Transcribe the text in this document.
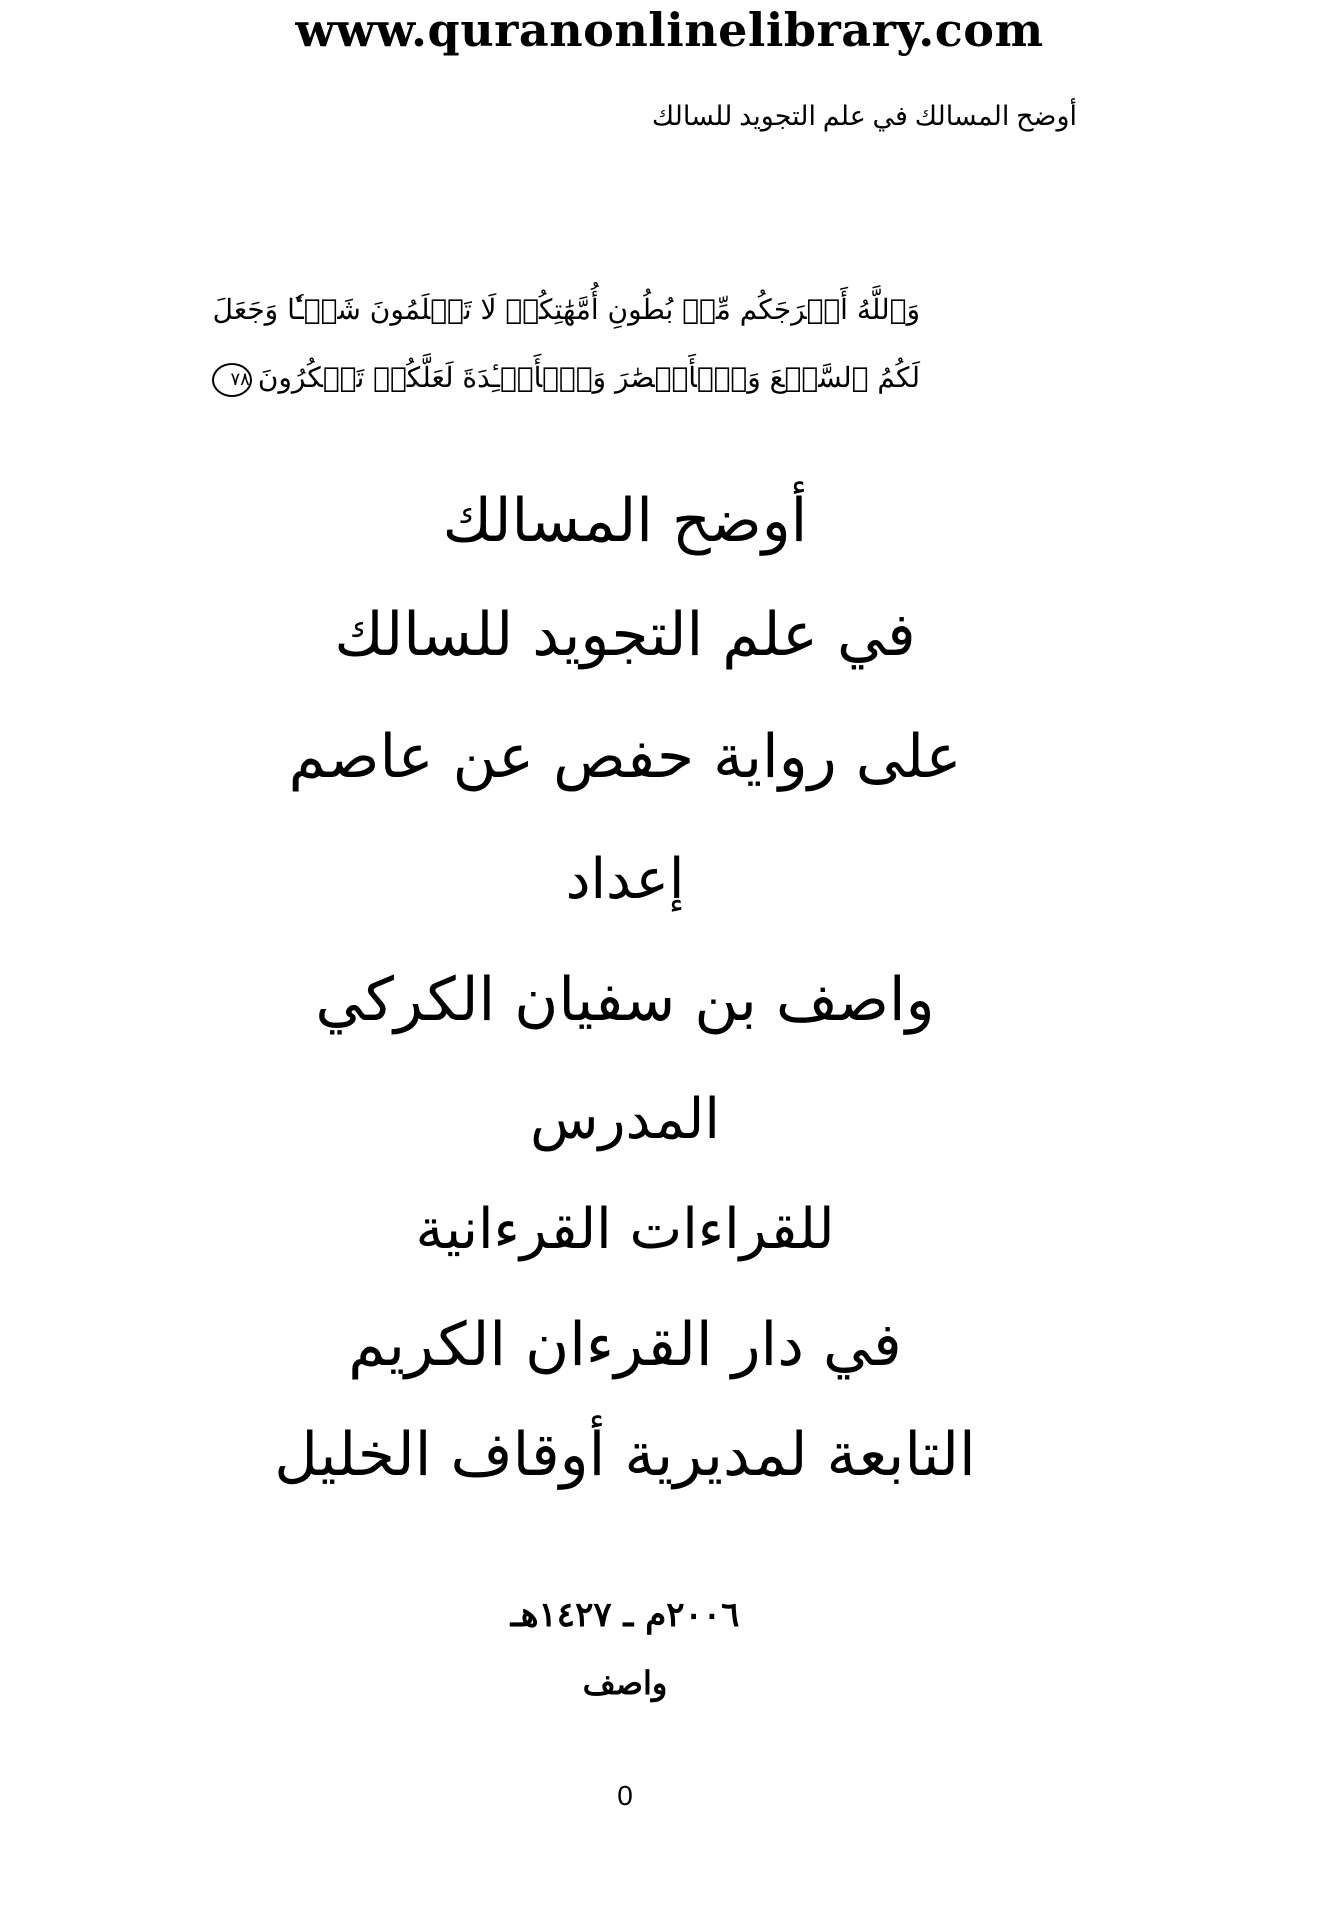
www.quranonlinelibrary.com
أوضح المسالك في علم التجويد للسالك
وَٱللَّهُ أَخۡرَجَكُم مِّنۢ بُطُونِ أُمَّهَٰتِكُمۡ لَا تَعۡلَمُونَ شَيۡـٔٗا وَجَعَلَ
لَكُمُ ٱلسَّمۡعَ وَٱلۡأَبۡصَٰرَ وَٱلۡأَفۡـِٔدَةَ لَعَلَّكُمۡ تَشۡكُرُونَ٧٨
أوضح المسالك
في علم التجويد للسالك
على رواية حفص عن عاصم
إعداد
واصف بن سفيان الكركي
المدرس
للقراءات القرءانية
في دار القرءان الكريم
التابعة لمديرية أوقاف الخليل
٢٠٠٦م ـ ١٤٢٧هـ
واصف
0
